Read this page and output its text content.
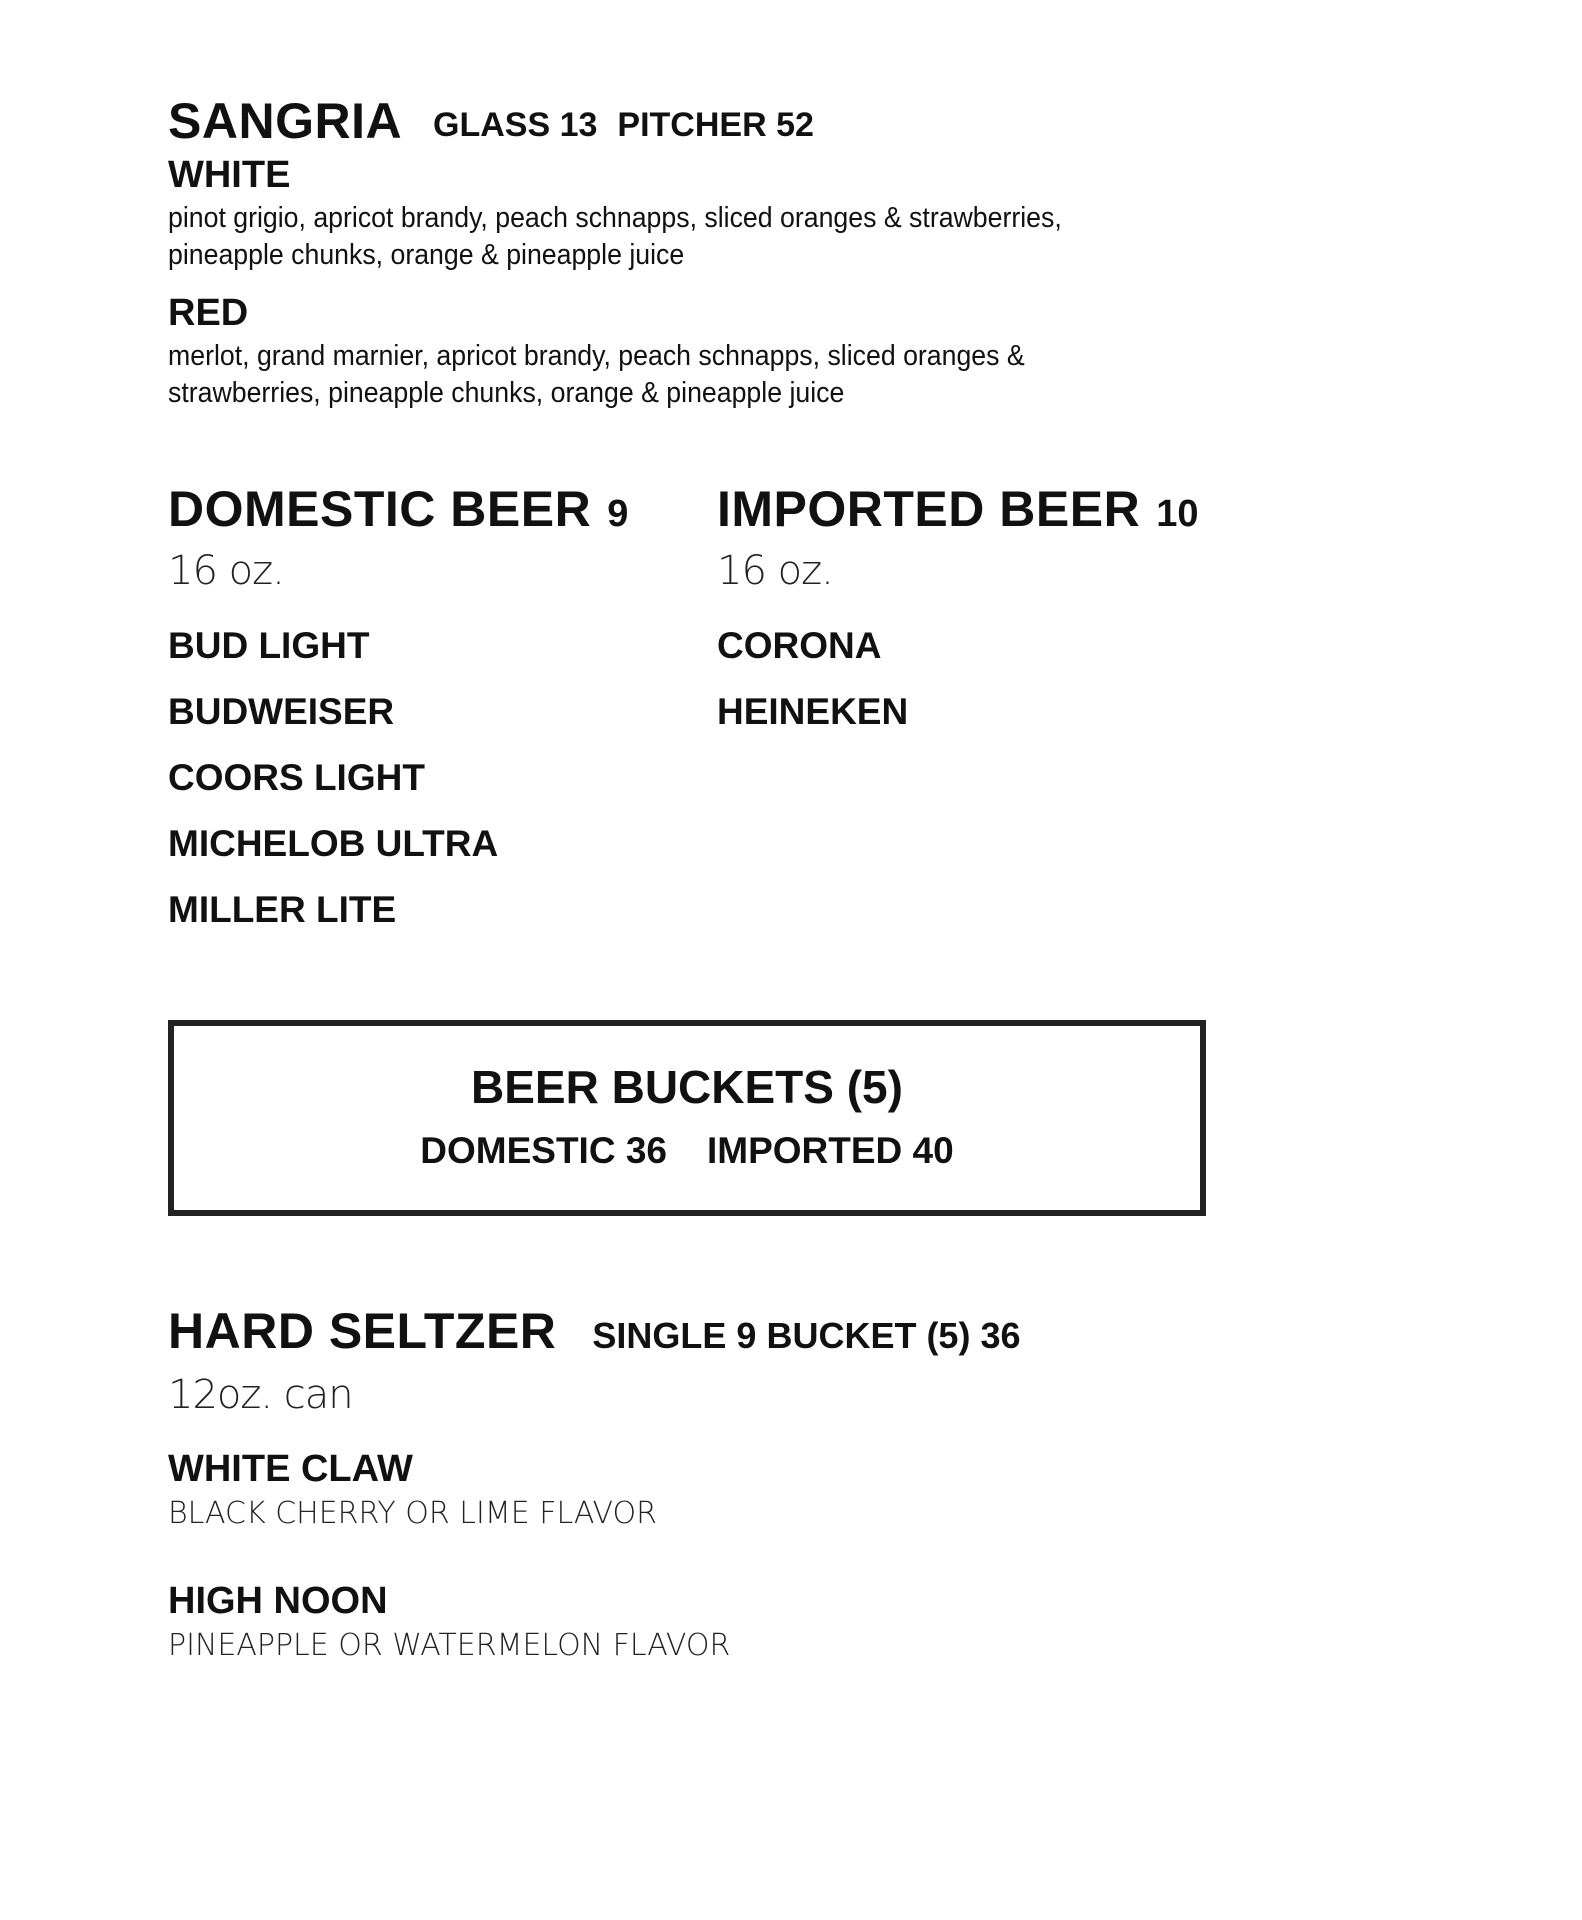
SANGRIA GLASS 13 PITCHER 52
WHITE
pinot grigio, apricot brandy, peach schnapps, sliced oranges & strawberries, pineapple chunks, orange & pineapple juice
RED
merlot, grand marnier, apricot brandy, peach schnapps, sliced oranges & strawberries, pineapple chunks, orange & pineapple juice
DOMESTIC BEER 9
16 oz.
BUD LIGHT
BUDWEISER
COORS LIGHT
MICHELOB ULTRA
MILLER LITE
IMPORTED BEER 10
16 oz.
CORONA
HEINEKEN
BEER BUCKETS (5)
DOMESTIC 36 IMPORTED 40
HARD SELTZER SINGLE 9 BUCKET (5) 36
12oz. can
WHITE CLAW
BLACK CHERRY OR LIME FLAVOR
HIGH NOON
PINEAPPLE OR WATERMELON FLAVOR
